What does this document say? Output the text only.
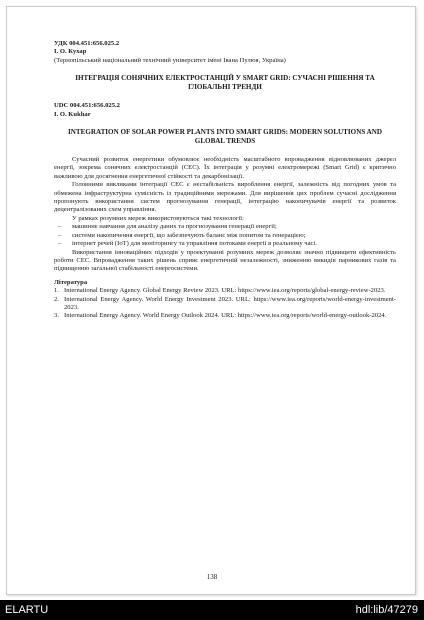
УДК 004.451:656.025.2
І. О. Кухар
(Тернопільський національний технічний університет імені Івана Пулюя, Україна)
ІНТЕГРАЦІЯ СОНЯЧНИХ ЕЛЕКТРОСТАНЦІЙ У SMART GRID: СУЧАСНІ РІШЕННЯ ТА ГЛОБАЛЬНІ ТРЕНДИ
UDC 004.451:656.025.2
I. O. Kukhar
INTEGRATION OF SOLAR POWER PLANTS INTO SMART GRIDS: MODERN SOLUTIONS AND GLOBAL TRENDS

Сучасний розвиток енергетики обумовлює необхідність масштабного впровадження відновлюваних джерел енергії, зокрема сонячних електростанцій (СЕС). Їх інтеграція у розумні електромережі (Smart Grid) є критично важливою для досягнення енергетичної стійкості та декарбонізації.

Головними викликами інтеграції СЕС є нестабільність вироблення енергії, залежність від погодних умов та обмежена інфраструктурна сумісність із традиційними мережами. Для вирішення цих проблем сучасні дослідження пропонують використання систем прогнозування генерації, інтеграцію накопичувачів енергії та розвиток децентралізованих схем управління.

У рамках розумних мереж використовуються такі технології:

– машинне навчання для аналізу даних та прогнозування генерації енергії;
– системи накопичення енергії, що забезпечують баланс між попитом та генерацією;
– інтернет речей (IoT) для моніторингу та управління потоками енергії в реальному часі.

Використання інноваційних підходів у проектуванні розумних мереж дозволяє значно підвищити ефективність роботи СЕС. Впровадження таких рішень сприяє енергетичній незалежності, зниженню викидів парникових газів та підвищенню загальної стабільності енергосистеми.

Література
1. International Energy Agency. Global Energy Review 2023. URL: https://www.iea.org/reports/global-energy-review-2023.
2. International Energy Agency. World Energy Investment 2023. URL: https://www.iea.org/reports/world-energy-investment-2023.
3. International Energy Agency. World Energy Outlook 2024. URL: https://www.iea.org/reports/world-energy-outlook-2024.
138
ELARTU	hdl:lib/47279
